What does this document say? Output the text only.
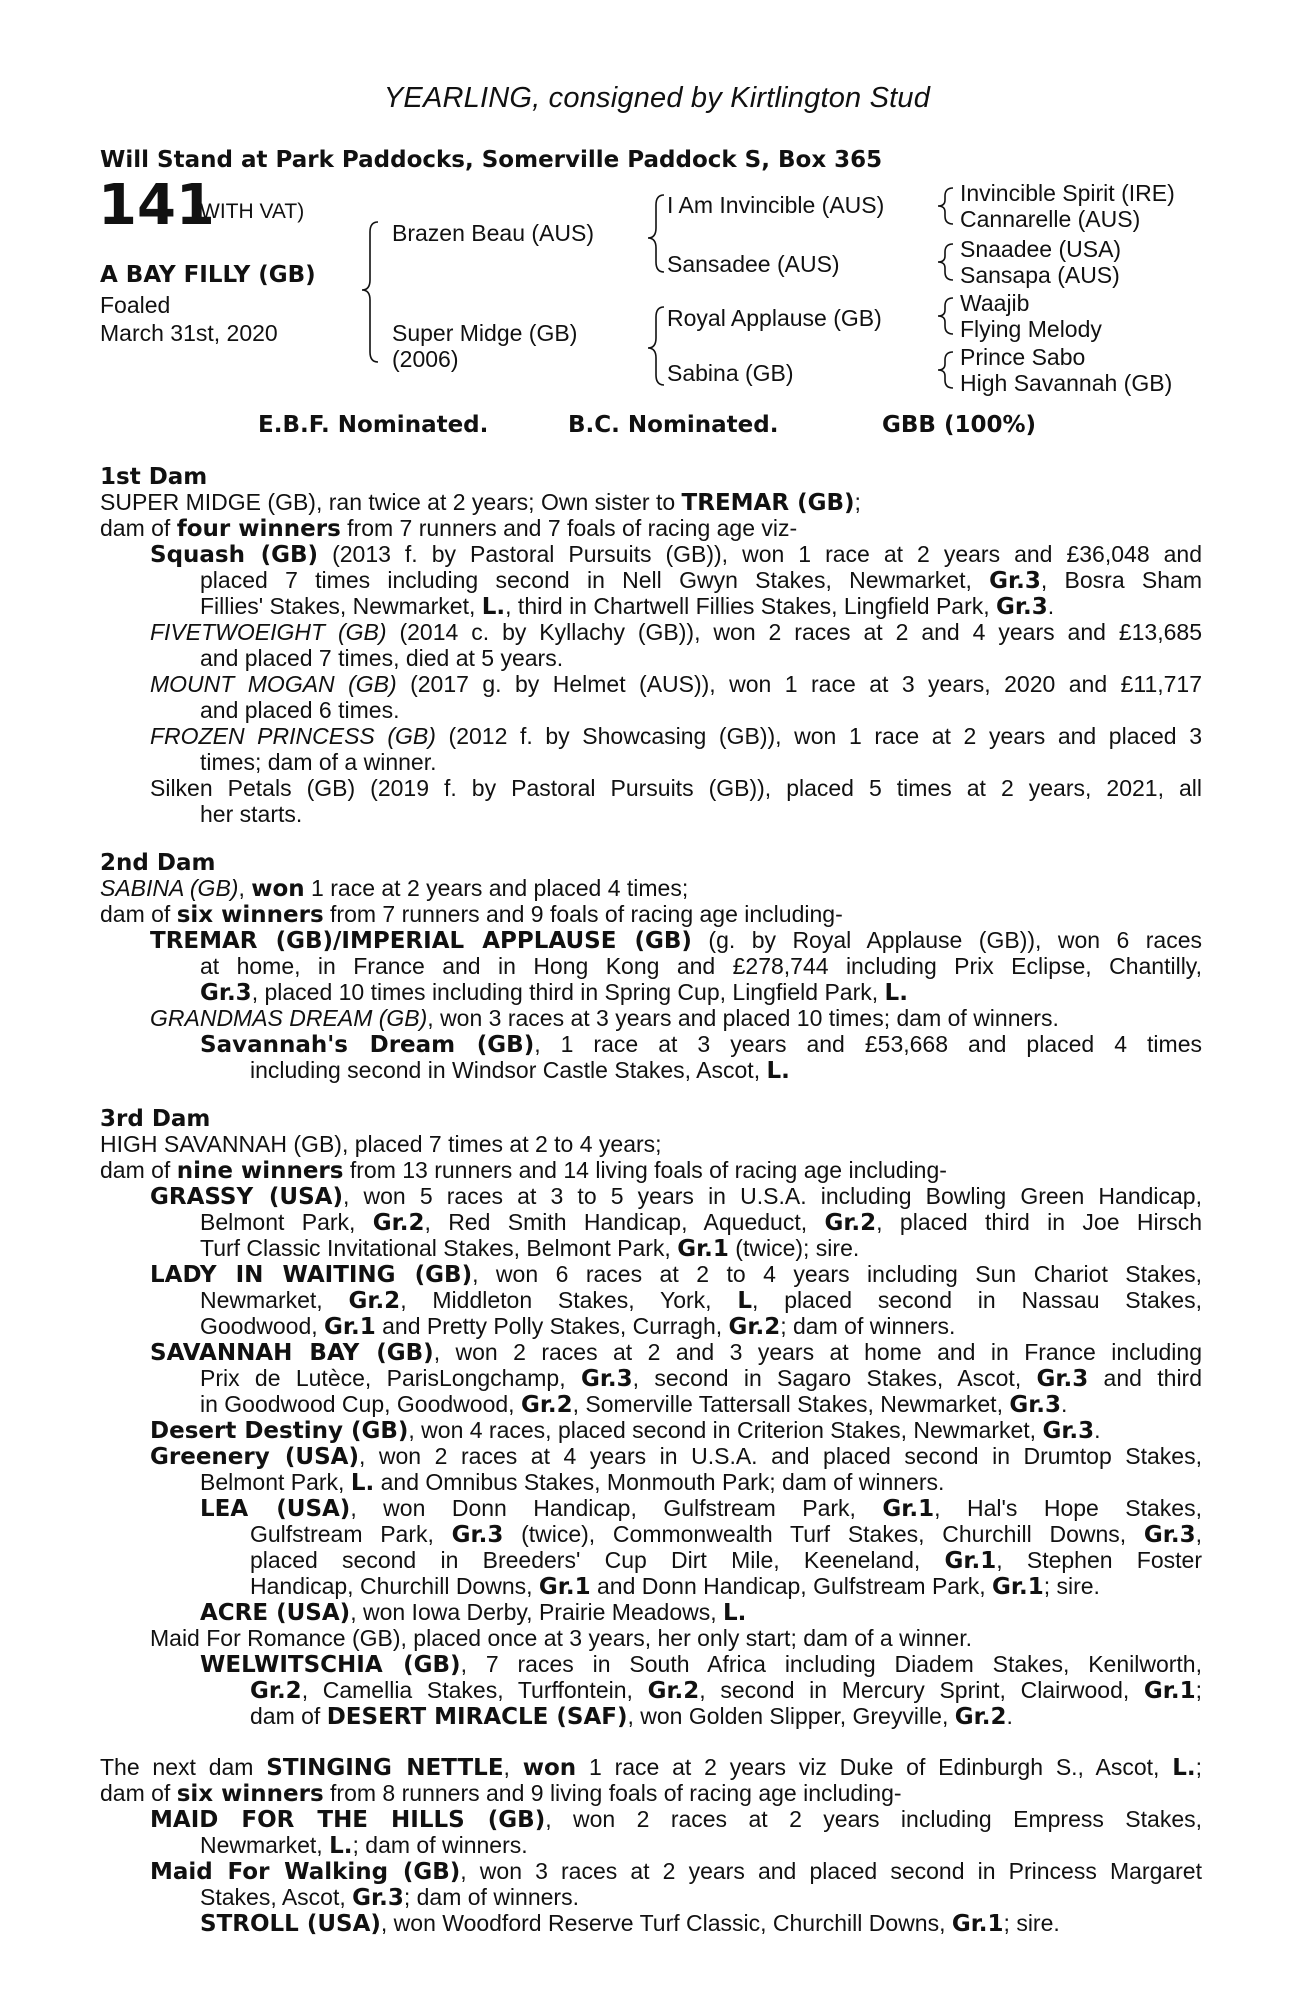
YEARLING, consigned by Kirtlington Stud
Will Stand at Park Paddocks, Somerville Paddock S, Box 365
141
(WITH VAT)
A BAY FILLY (GB)
Foaled
March 31st, 2020
Brazen Beau (AUS)
Super Midge (GB)
(2006)
I Am Invincible (AUS)
Sansadee (AUS)
Royal Applause (GB)
Sabina (GB)
Invincible Spirit (IRE)
Cannarelle (AUS)
Snaadee (USA)
Sansapa (AUS)
Waajib
Flying Melody
Prince Sabo
High Savannah (GB)
E.B.F. Nominated.	B.C. Nominated.	GBB (100%)
1st Dam
SUPER MIDGE (GB), ran twice at 2 years; Own sister to TREMAR (GB);
dam of four winners from 7 runners and 7 foals of racing age viz-
Squash (GB) (2013 f. by Pastoral Pursuits (GB)), won 1 race at 2 years and £36,048 and
placed 7 times including second in Nell Gwyn Stakes, Newmarket, Gr.3, Bosra Sham
Fillies' Stakes, Newmarket, L., third in Chartwell Fillies Stakes, Lingfield Park, Gr.3.
FIVETWOEIGHT (GB) (2014 c. by Kyllachy (GB)), won 2 races at 2 and 4 years and £13,685
and placed 7 times, died at 5 years.
MOUNT MOGAN (GB) (2017 g. by Helmet (AUS)), won 1 race at 3 years, 2020 and £11,717
and placed 6 times.
FROZEN PRINCESS (GB) (2012 f. by Showcasing (GB)), won 1 race at 2 years and placed 3
times; dam of a winner.
Silken Petals (GB) (2019 f. by Pastoral Pursuits (GB)), placed 5 times at 2 years, 2021, all
her starts.
2nd Dam
SABINA (GB), won 1 race at 2 years and placed 4 times;
dam of six winners from 7 runners and 9 foals of racing age including-
TREMAR (GB)/IMPERIAL APPLAUSE (GB) (g. by Royal Applause (GB)), won 6 races
at home, in France and in Hong Kong and £278,744 including Prix Eclipse, Chantilly,
Gr.3, placed 10 times including third in Spring Cup, Lingfield Park, L.
GRANDMAS DREAM (GB), won 3 races at 3 years and placed 10 times; dam of winners.
Savannah's Dream (GB), 1 race at 3 years and £53,668 and placed 4 times
including second in Windsor Castle Stakes, Ascot, L.
3rd Dam
HIGH SAVANNAH (GB), placed 7 times at 2 to 4 years;
dam of nine winners from 13 runners and 14 living foals of racing age including-
GRASSY (USA), won 5 races at 3 to 5 years in U.S.A. including Bowling Green Handicap,
Belmont Park, Gr.2, Red Smith Handicap, Aqueduct, Gr.2, placed third in Joe Hirsch
Turf Classic Invitational Stakes, Belmont Park, Gr.1 (twice); sire.
LADY IN WAITING (GB), won 6 races at 2 to 4 years including Sun Chariot Stakes,
Newmarket, Gr.2, Middleton Stakes, York, L, placed second in Nassau Stakes,
Goodwood, Gr.1 and Pretty Polly Stakes, Curragh, Gr.2; dam of winners.
SAVANNAH BAY (GB), won 2 races at 2 and 3 years at home and in France including
Prix de Lutèce, ParisLongchamp, Gr.3, second in Sagaro Stakes, Ascot, Gr.3 and third
in Goodwood Cup, Goodwood, Gr.2, Somerville Tattersall Stakes, Newmarket, Gr.3.
Desert Destiny (GB), won 4 races, placed second in Criterion Stakes, Newmarket, Gr.3.
Greenery (USA), won 2 races at 4 years in U.S.A. and placed second in Drumtop Stakes,
Belmont Park, L. and Omnibus Stakes, Monmouth Park; dam of winners.
LEA (USA), won Donn Handicap, Gulfstream Park, Gr.1, Hal's Hope Stakes,
Gulfstream Park, Gr.3 (twice), Commonwealth Turf Stakes, Churchill Downs, Gr.3,
placed second in Breeders' Cup Dirt Mile, Keeneland, Gr.1, Stephen Foster
Handicap, Churchill Downs, Gr.1 and Donn Handicap, Gulfstream Park, Gr.1; sire.
ACRE (USA), won Iowa Derby, Prairie Meadows, L.
Maid For Romance (GB), placed once at 3 years, her only start; dam of a winner.
WELWITSCHIA (GB), 7 races in South Africa including Diadem Stakes, Kenilworth,
Gr.2, Camellia Stakes, Turffontein, Gr.2, second in Mercury Sprint, Clairwood, Gr.1;
dam of DESERT MIRACLE (SAF), won Golden Slipper, Greyville, Gr.2.
The next dam STINGING NETTLE, won 1 race at 2 years viz Duke of Edinburgh S., Ascot, L.;
dam of six winners from 8 runners and 9 living foals of racing age including-
MAID FOR THE HILLS (GB), won 2 races at 2 years including Empress Stakes,
Newmarket, L.; dam of winners.
Maid For Walking (GB), won 3 races at 2 years and placed second in Princess Margaret
Stakes, Ascot, Gr.3; dam of winners.
STROLL (USA), won Woodford Reserve Turf Classic, Churchill Downs, Gr.1; sire.
